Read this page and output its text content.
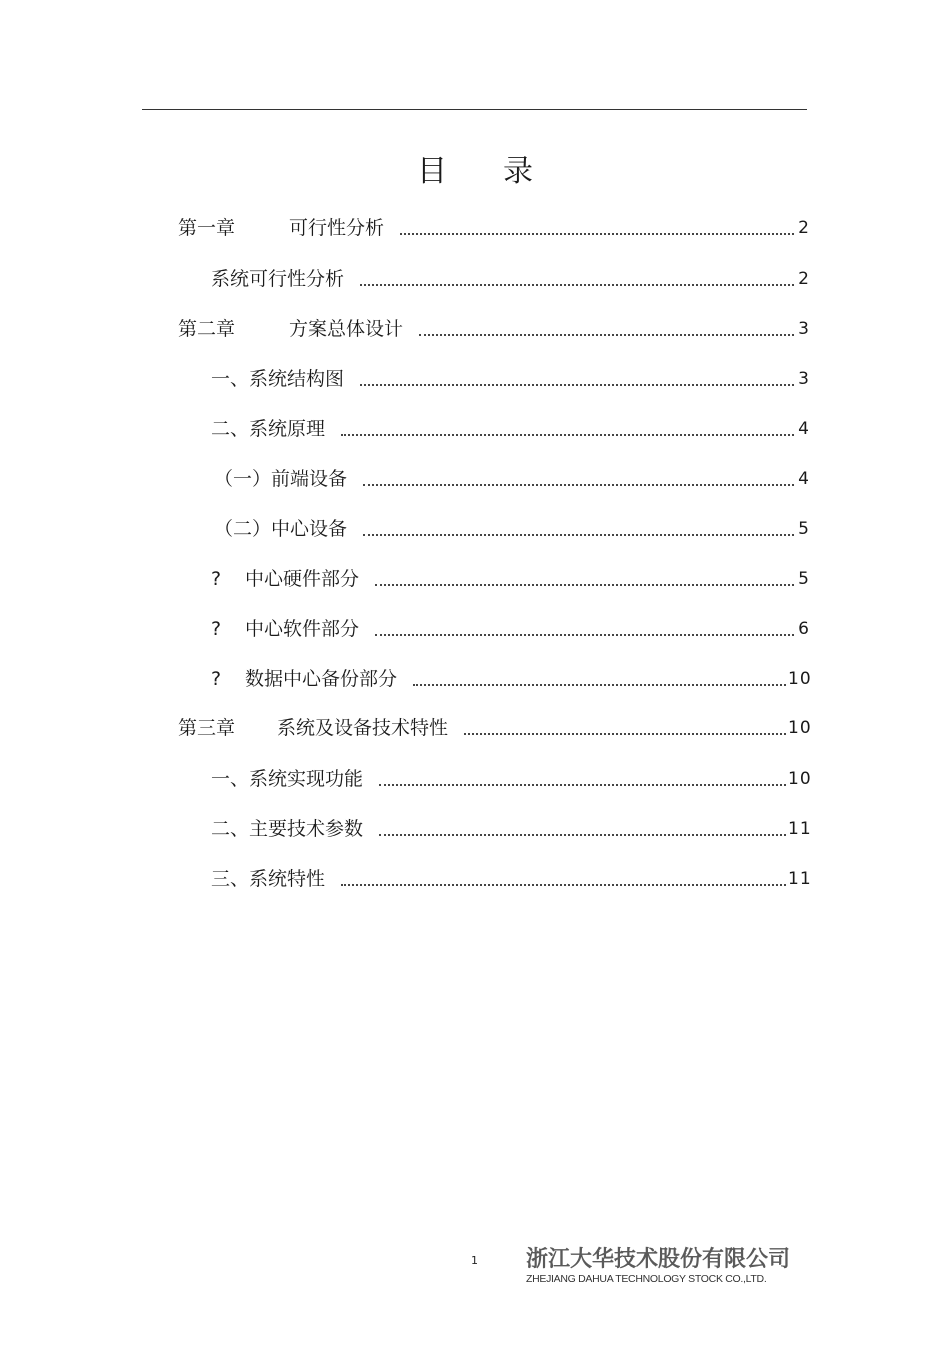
目 录
第一章	可行性分析	2
系统可行性分析	2
第二章	方案总体设计	3
一、系统结构图	3
二、系统原理	4
（一）前端设备	4
（二）中心设备	5
?	中心硬件部分	5
?	中心软件部分	6
?	数据中心备份部分	10
第三章	系统及设备技术特性	10
一、系统实现功能	10
二、主要技术参数	11
三、系统特性	11
1 浙江大华技术股份有限公司
ZHEJIANG DAHUA TECHNOLOGY STOCK CO.,LTD.
